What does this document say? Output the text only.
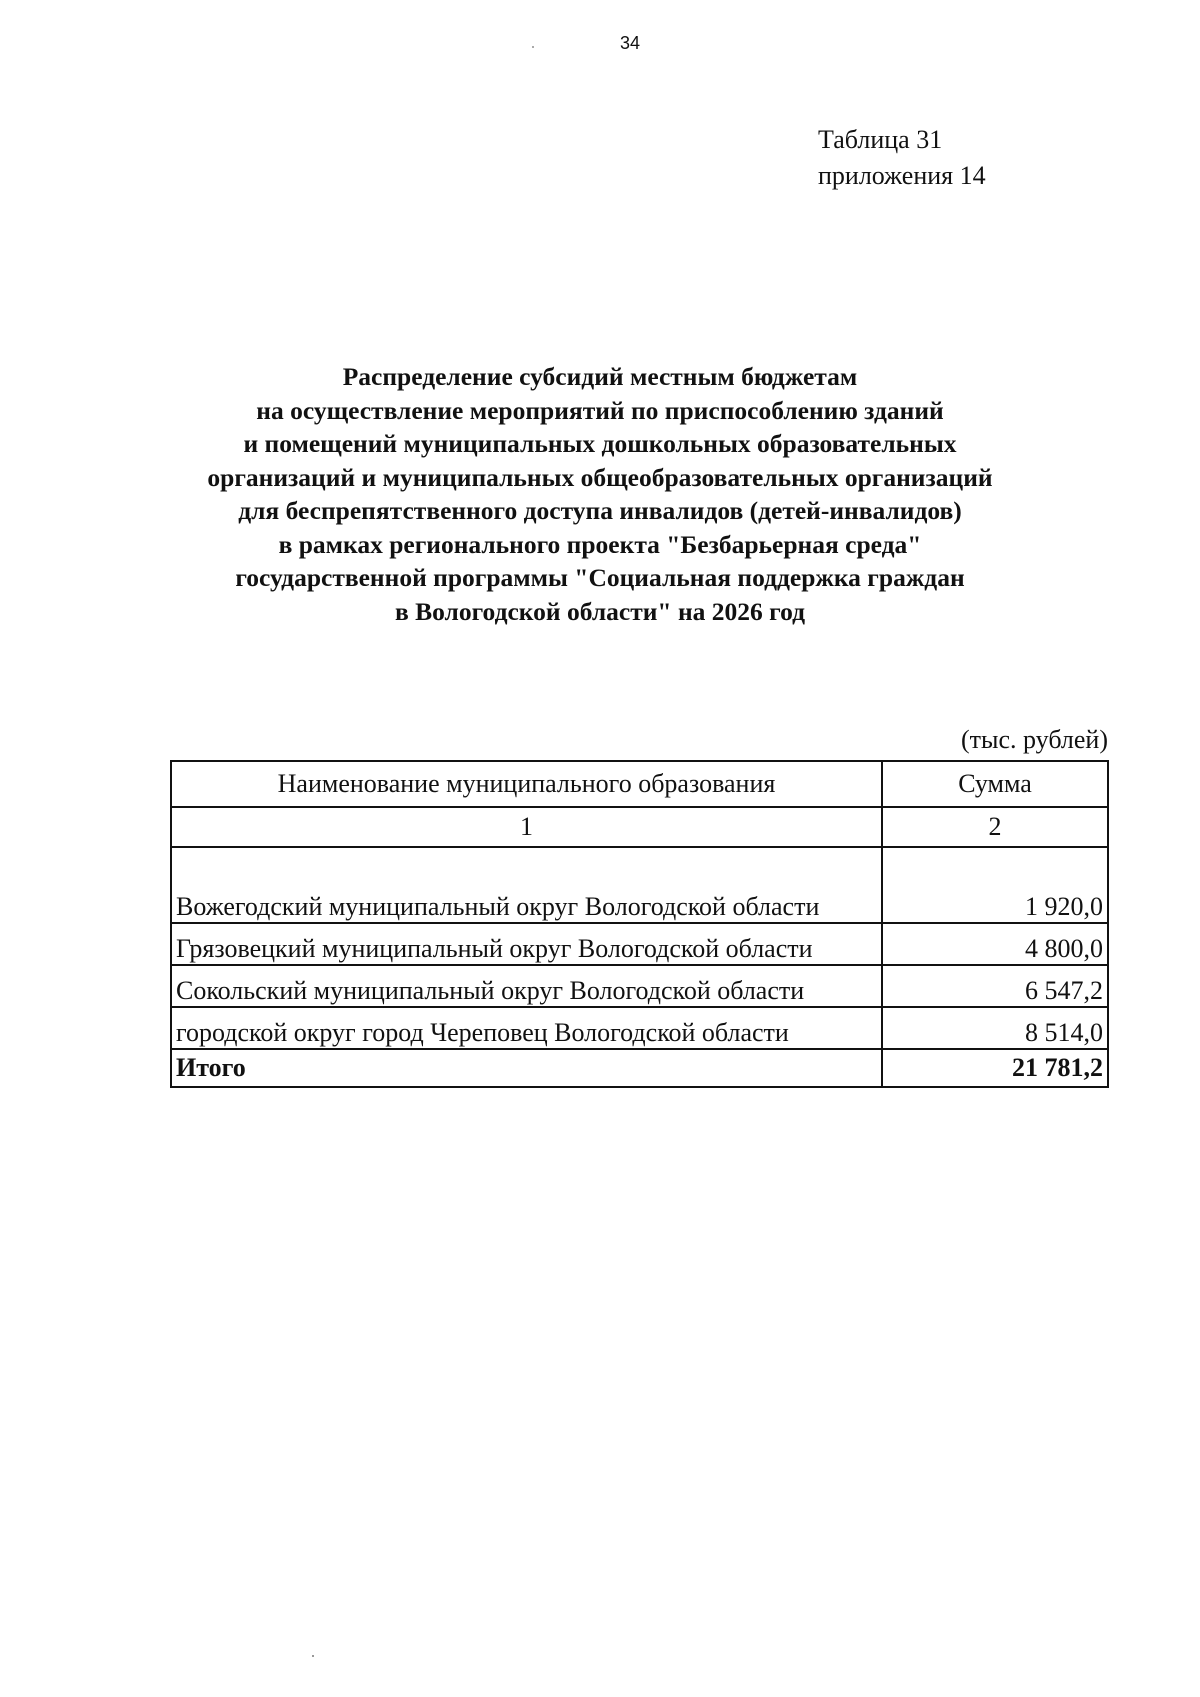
34
Таблица 31
приложения 14
Распределение субсидий местным бюджетам
на осуществление мероприятий по приспособлению зданий
и помещений муниципальных дошкольных образовательных
организаций и муниципальных общеобразовательных организаций
для беспрепятственного доступа инвалидов (детей-инвалидов)
в рамках регионального проекта "Безбарьерная среда"
государственной программы "Социальная поддержка граждан
в Вологодской области" на 2026 год
(тыс. рублей)
Наименование муниципального образования	Сумма
1	2
Вожегодский муниципальный округ Вологодской области	1 920,0
Грязовецкий муниципальный округ Вологодской области	4 800,0
Сокольский муниципальный округ Вологодской области	6 547,2
городской округ город Череповец Вологодской области	8 514,0
Итого	21 781,2
